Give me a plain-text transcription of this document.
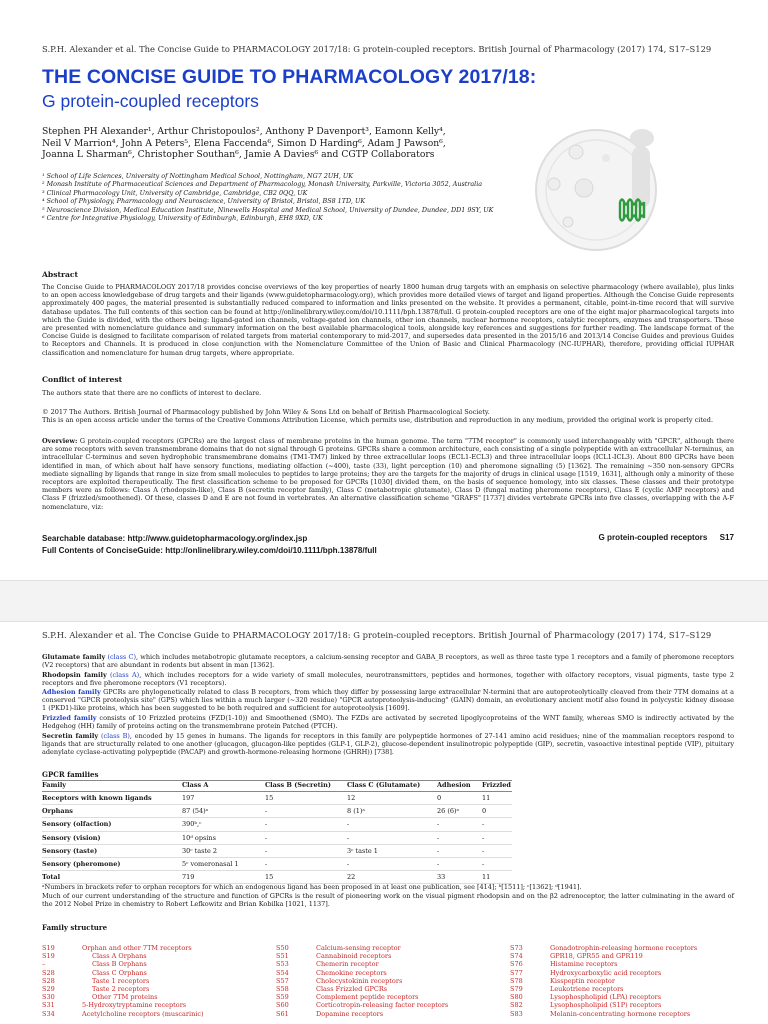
S.P.H. Alexander et al. The Concise Guide to PHARMACOLOGY 2017/18: G protein-coupled receptors. British Journal of Pharmacology (2017) 174, S17–S129
THE CONCISE GUIDE TO PHARMACOLOGY 2017/18:
G protein-coupled receptors
Stephen PH Alexander¹, Arthur Christopoulos², Anthony P Davenport³, Eamonn Kelly⁴,
Neil V Marrion⁴, John A Peters⁵, Elena Faccenda⁶, Simon D Harding⁶, Adam J Pawson⁶,
Joanna L Sharman⁶, Christopher Southan⁶, Jamie A Davies⁶ and CGTP Collaborators
¹ School of Life Sciences, University of Nottingham Medical School, Nottingham, NG7 2UH, UK
² Monash Institute of Pharmaceutical Sciences and Department of Pharmacology, Monash University, Parkville, Victoria 3052, Australia
³ Clinical Pharmacology Unit, University of Cambridge, Cambridge, CB2 0QQ, UK
⁴ School of Physiology, Pharmacology and Neuroscience, University of Bristol, Bristol, BS8 1TD, UK
⁵ Neuroscience Division, Medical Education Institute, Ninewells Hospital and Medical School, University of Dundee, Dundee, DD1 9SY, UK
⁶ Centre for Integrative Physiology, University of Edinburgh, Edinburgh, EH8 9XD, UK
Abstract
The Concise Guide to PHARMACOLOGY 2017/18 provides concise overviews of the key properties of nearly 1800 human drug targets with an emphasis on selective pharmacology (where available), plus links to an open access knowledgebase of drug targets and their ligands (www.guidetopharmacology.org), which provides more detailed views of target and ligand properties. Although the Concise Guide represents approximately 400 pages, the material presented is substantially reduced compared to information and links presented on the website. It provides a permanent, citable, point-in-time record that will survive database updates. The full contents of this section can be found at http://onlinelibrary.wiley.com/doi/10.1111/bph.13878/full. G protein-coupled receptors are one of the eight major pharmacological targets into which the Guide is divided, with the others being: ligand-gated ion channels, voltage-gated ion channels, other ion channels, nuclear hormone receptors, catalytic receptors, enzymes and transporters. These are presented with nomenclature guidance and summary information on the best available pharmacological tools, alongside key references and suggestions for further reading. The landscape format of the Concise Guide is designed to facilitate comparison of related targets from material contemporary to mid-2017, and supersedes data presented in the 2015/16 and 2013/14 Concise Guides and previous Guides to Receptors and Channels. It is produced in close conjunction with the Nomenclature Committee of the Union of Basic and Clinical Pharmacology (NC-IUPHAR), therefore, providing official IUPHAR classification and nomenclature for human drug targets, where appropriate.
Conflict of interest
The authors state that there are no conflicts of interest to declare.
© 2017 The Authors. British Journal of Pharmacology published by John Wiley & Sons Ltd on behalf of British Pharmacological Society.
This is an open access article under the terms of the Creative Commons Attribution License, which permits use, distribution and reproduction in any medium, provided the original work is properly cited.
Overview: G protein-coupled receptors (GPCRs) are the largest class of membrane proteins in the human genome. The term "7TM receptor" is commonly used interchangeably with "GPCR", although there are some receptors with seven transmembrane domains that do not signal through G proteins. GPCRs share a common architecture, each consisting of a single polypeptide with an extracellular N-terminus, an intracellular C-terminus and seven hydrophobic transmembrane domains (TM1-TM7) linked by three extracellular loops (ECL1-ECL3) and three intracellular loops (ICL1-ICL3). About 800 GPCRs have been identified in man, of which about half have sensory functions, mediating olfaction (~400), taste (33), light perception (10) and pheromone signalling (5) [1362]. The remaining ~350 non-sensory GPCRs mediate signalling by ligands that range in size from small molecules to peptides to large proteins; they are the targets for the majority of drugs in clinical usage [1519, 1631], although only a minority of these receptors are exploited therapeutically. The first classification scheme to be proposed for GPCRs [1030] divided them, on the basis of sequence homology, into six classes. These classes and their prototype members were as follows: Class A (rhodopsin-like), Class B (secretin receptor family), Class C (metabotropic glutamate), Class D (fungal mating pheromone receptors), Class E (cyclic AMP receptors) and Class F (frizzled/smoothened). Of these, classes D and E are not found in vertebrates. An alternative classification scheme "GRAFS" [1737] divides vertebrate GPCRs into five classes, overlapping with the A-F nomenclature, viz:
Searchable database: http://www.guidetopharmacology.org/index.jsp
Full Contents of ConciseGuide: http://onlinelibrary.wiley.com/doi/10.1111/bph.13878/full
G protein-coupled receptors S17
S.P.H. Alexander et al. The Concise Guide to PHARMACOLOGY 2017/18: G protein-coupled receptors. British Journal of Pharmacology (2017) 174, S17–S129
Glutamate family (class C), which includes metabotropic glutamate receptors, a calcium-sensing receptor and GABA_B receptors, as well as three taste type 1 receptors and a family of pheromone receptors (V2 receptors) that are abundant in rodents but absent in man [1362].
Rhodopsin family (class A), which includes receptors for a wide variety of small molecules, neurotransmitters, peptides and hormones, together with olfactory receptors, visual pigments, taste type 2 receptors and five pheromone receptors (V1 receptors).
Adhesion family GPCRs are phylogenetically related to class B receptors, from which they differ by possessing large extracellular N-termini that are autoproteolytically cleaved from their 7TM domains at a conserved "GPCR proteolysis site" (GPS) which lies within a much larger (~320 residue) "GPCR autoproteolysis-inducing" (GAIN) domain, an evolutionary ancient motif also found in polycystic kidney disease 1 (PKD1)-like proteins, which has been suggested to be both required and sufficient for autoproteolysis [1609].
Frizzled family consists of 10 Frizzled proteins (FZD(1-10)) and Smoothened (SMO). The FZDs are activated by secreted lipoglycoproteins of the WNT family, whereas SMO is indirectly activated by the Hedgehog (HH) family of proteins acting on the transmembrane protein Patched (PTCH).
Secretin family (class B), encoded by 15 genes in humans. The ligands for receptors in this family are polypeptide hormones of 27-141 amino acid residues; nine of the mammalian receptors respond to ligands that are structurally related to one another (glucagon, glucagon-like peptides (GLP-1, GLP-2), glucose-dependent insulinotropic polypeptide (GIP), secretin, vasoactive intestinal peptide (VIP), pituitary adenylate cyclase-activating polypeptide (PACAP) and growth-hormone-releasing hormone (GHRH)) [738].
GPCR families
Family	Class A	Class B (Secretin)	Class C (Glutamate)	Adhesion	Frizzled
Receptors with known ligands	197	15	12	0	11
Orphans	87 (54)ᵃ	-	8 (1)ᵃ	26 (6)ᵃ	0
Sensory (olfaction)	390ᵇ,ᶜ	-	-	-	-
Sensory (vision)	10ᵈ opsins	-	-	-	-
Sensory (taste)	30ᶜ taste 2	-	3ᶜ taste 1	-	-
Sensory (pheromone)	5ᶜ vomeronasal 1	-	-	-	-
Total	719	15	22	33	11
ᵃNumbers in brackets refer to orphan receptors for which an endogenous ligand has been proposed in at least one publication, see [414]; ᵇ[1511]; ᶜ[1362]; ᵈ[1941].
Much of our current understanding of the structure and function of GPCRs is the result of pioneering work on the visual pigment rhodopsin and on the β2 adrenoceptor, the latter culminating in the award of the 2012 Nobel Prize in chemistry to Robert Lefkowitz and Brian Kobilka [1021, 1137].
Family structure
S19	Orphan and other 7TM receptors
S19	Class A Orphans
–	Class B Orphans
S28	Class C Orphans
S28	Taste 1 receptors
S29	Taste 2 receptors
S30	Other 7TM proteins
S31	5-Hydroxytryptamine receptors
S34	Acetylcholine receptors (muscarinic)
S50	Calcium-sensing receptor
S51	Cannabinoid receptors
S53	Chemerin receptor
S54	Chemokine receptors
S57	Cholecystokinin receptors
S58	Class Frizzled GPCRs
S59	Complement peptide receptors
S60	Corticotropin-releasing factor receptors
S61	Dopamine receptors
S73	Gonadotrophin-releasing hormone receptors
S74	GPR18, GPR55 and GPR119
S76	Histamine receptors
S77	Hydroxycarboxylic acid receptors
S78	Kisspeptin receptor
S79	Leukotriene receptors
S80	Lysophospholipid (LPA) receptors
S82	Lysophospholipid (S1P) receptors
S83	Melanin-concentrating hormone receptors
